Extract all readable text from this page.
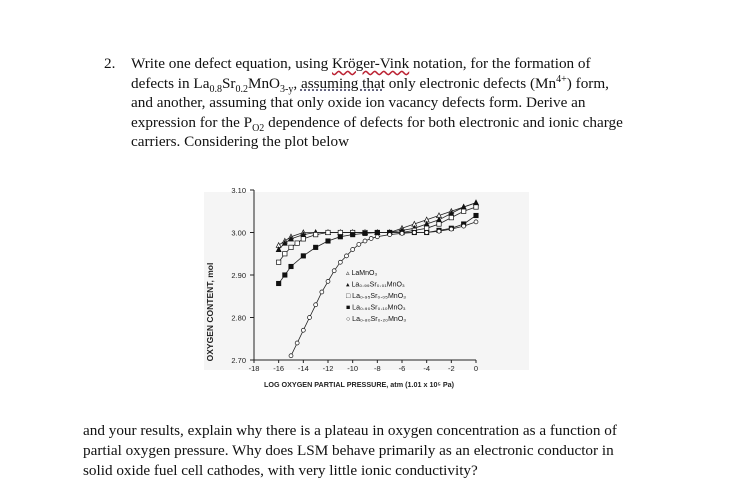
2. Write one defect equation, using Kröger-Vink notation, for the formation of
defects in $La_{0.8}Sr_{0.2}MnO_{3-y}$, assuming that only electronic defects $(Mn^{4+})$ form,
and another, assuming that only oxide ion vacancy defects form. Derive an
expression for the $P_{O2}$ dependence of defects for both electronic and ionic charge
carriers. Considering the plot below
OXYGEN CONTENT, mol
LOG OXYGEN PARTIAL PRESSURE, atm (1.01 x 10⁵ Pa)
3.10
3.00
2.90
2.80
2.70
-18 -16 -14 -12 -10 -8 -6 -4 -2	0
▵ LaMnO₃
▴ La₀.₉₉Sr₀.₀₁MnO₃
□ La₀.₉₅Sr₀.₀₅MnO₃
■ La₀.₉₀Sr₀.₁₀MnO₃
○ La₀.₈₀Sr₀.₂₀MnO₃
and your results, explain why there is a plateau in oxygen concentration as a function of
partial oxygen pressure. Why does LSM behave primarily as an electronic conductor in
solid oxide fuel cell cathodes, with very little ionic conductivity?
